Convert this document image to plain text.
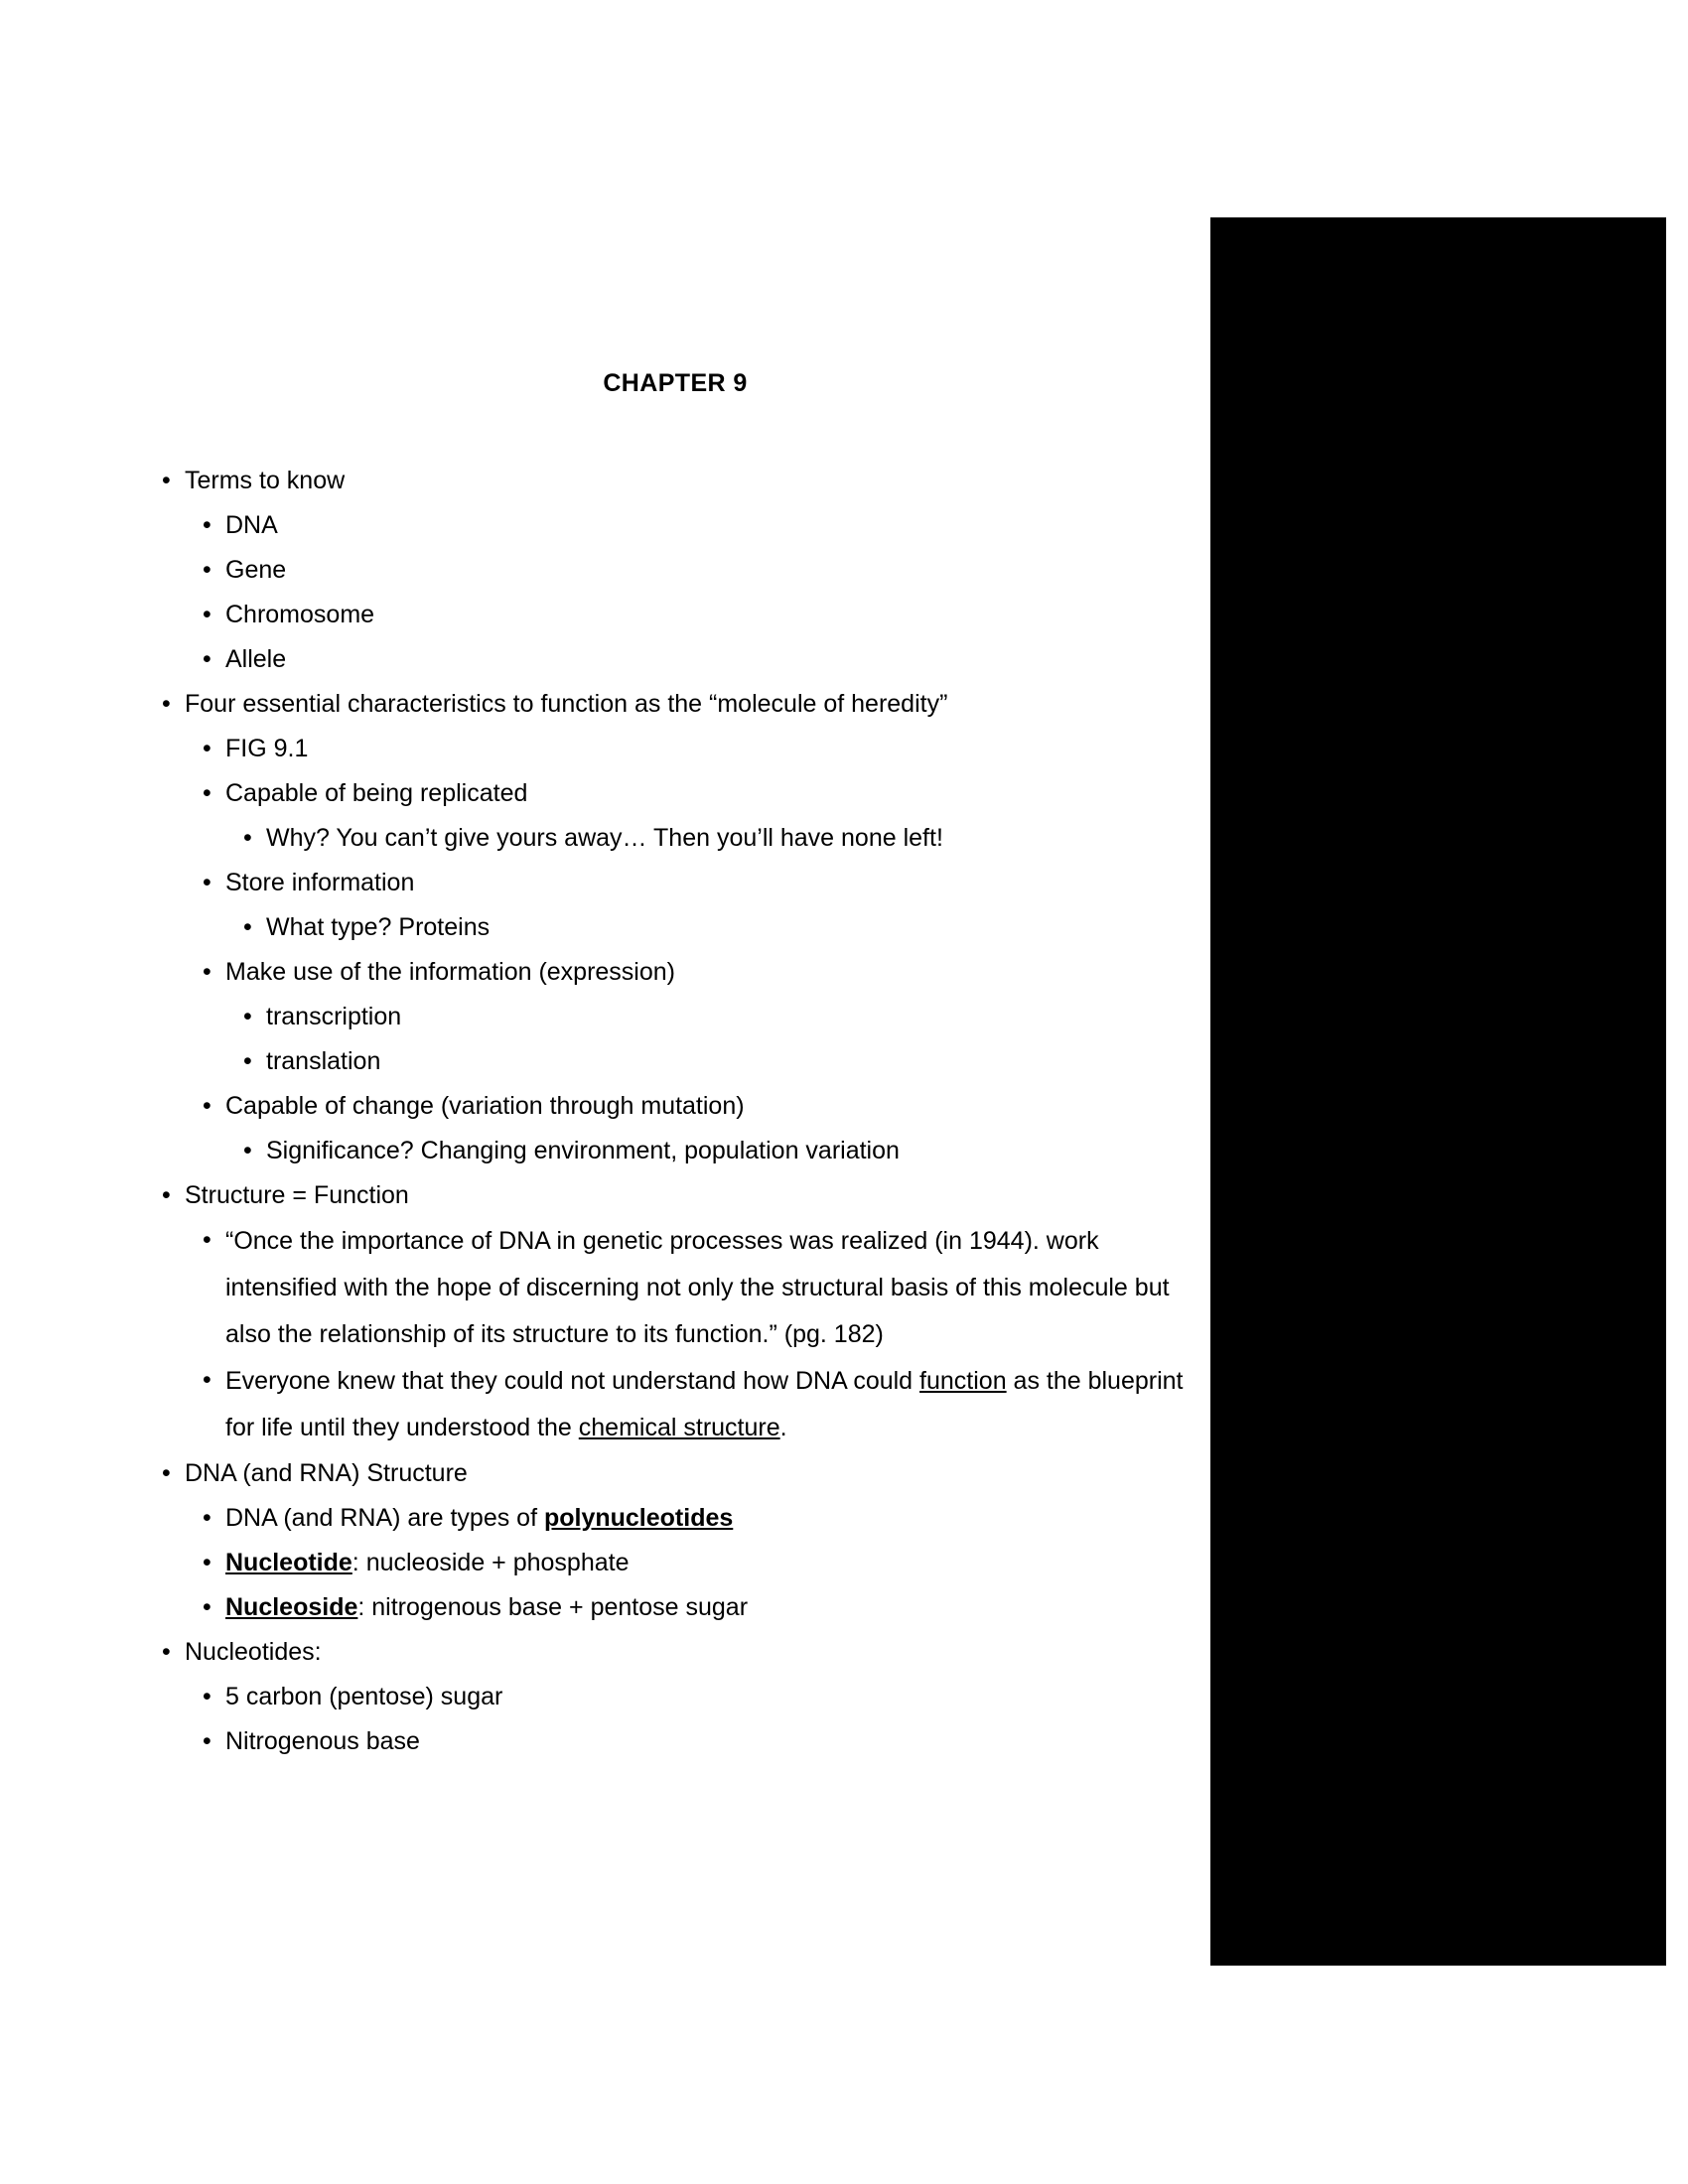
CHAPTER 9
• Terms to know
• DNA
• Gene
• Chromosome
• Allele
• Four essential characteristics to function as the “molecule of heredity”
• FIG 9.1
• Capable of being replicated
• Why? You can’t give yours away… Then you’ll have none left!
• Store information
• What type? Proteins
• Make use of the information (expression)
• transcription
• translation
• Capable of change (variation through mutation)
• Significance? Changing environment, population variation
• Structure = Function
• “Once the importance of DNA in genetic processes was realized (in 1944). work intensified with the hope of discerning not only the structural basis of this molecule but also the relationship of its structure to its function.” (pg. 182)
• Everyone knew that they could not understand how DNA could function as the blueprint for life until they understood the chemical structure.
• DNA (and RNA) Structure
• DNA (and RNA) are types of polynucleotides
• Nucleotide: nucleoside + phosphate
• Nucleoside: nitrogenous base + pentose sugar
• Nucleotides:
• 5 carbon (pentose) sugar
• Nitrogenous base
